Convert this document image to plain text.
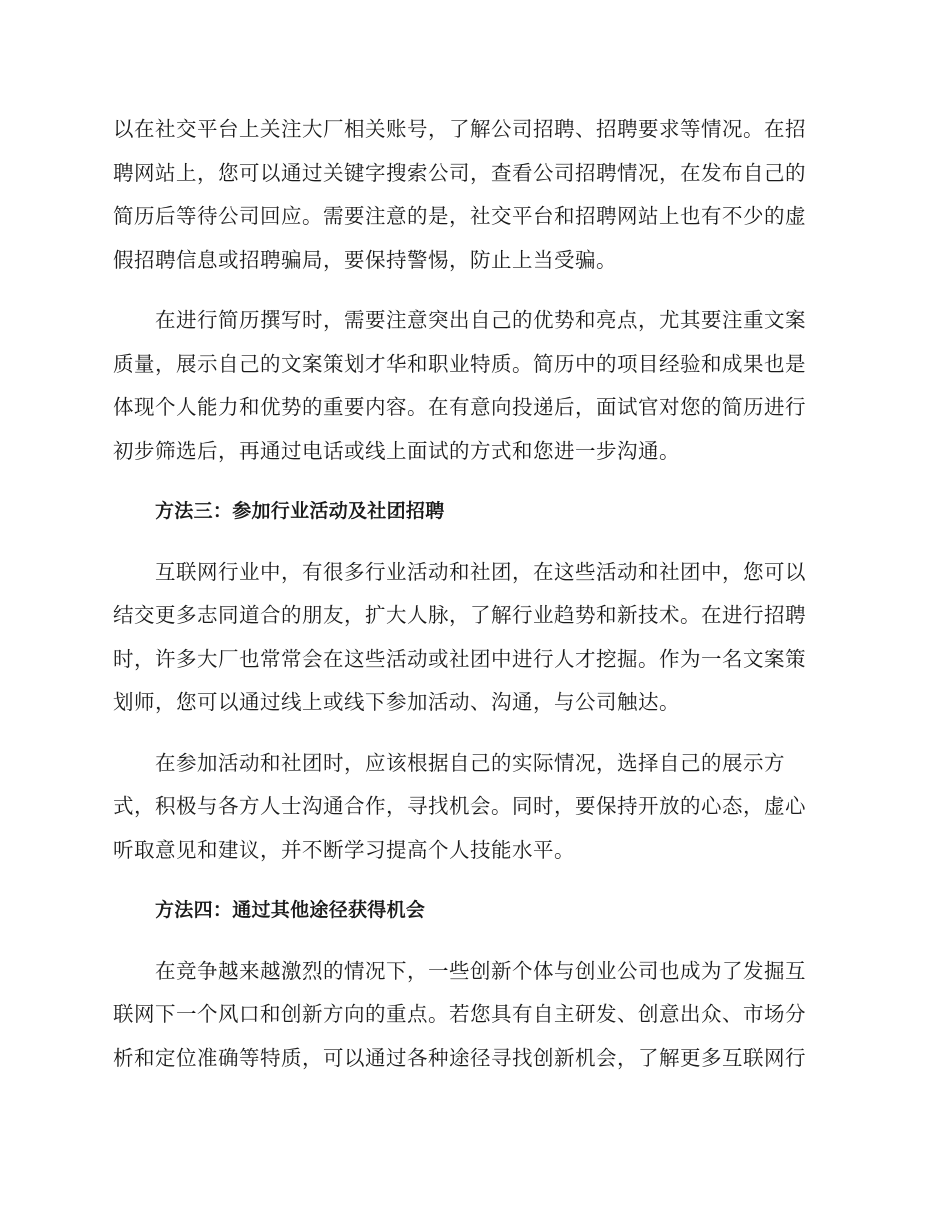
以在社交平台上关注大厂相关账号，了解公司招聘、招聘要求等情况。在招
聘网站上，您可以通过关键字搜索公司，查看公司招聘情况，在发布自己的
简历后等待公司回应。需要注意的是，社交平台和招聘网站上也有不少的虚
假招聘信息或招聘骗局，要保持警惕，防止上当受骗。
在进行简历撰写时，需要注意突出自己的优势和亮点，尤其要注重文案
质量，展示自己的文案策划才华和职业特质。简历中的项目经验和成果也是
体现个人能力和优势的重要内容。在有意向投递后，面试官对您的简历进行
初步筛选后，再通过电话或线上面试的方式和您进一步沟通。
方法三：参加行业活动及社团招聘
互联网行业中，有很多行业活动和社团，在这些活动和社团中，您可以
结交更多志同道合的朋友，扩大人脉，了解行业趋势和新技术。在进行招聘
时，许多大厂也常常会在这些活动或社团中进行人才挖掘。作为一名文案策
划师，您可以通过线上或线下参加活动、沟通，与公司触达。
在参加活动和社团时，应该根据自己的实际情况，选择自己的展示方
式，积极与各方人士沟通合作，寻找机会。同时，要保持开放的心态，虚心
听取意见和建议，并不断学习提高个人技能水平。
方法四：通过其他途径获得机会
在竞争越来越激烈的情况下，一些创新个体与创业公司也成为了发掘互
联网下一个风口和创新方向的重点。若您具有自主研发、创意出众、市场分
析和定位准确等特质，可以通过各种途径寻找创新机会，了解更多互联网行
